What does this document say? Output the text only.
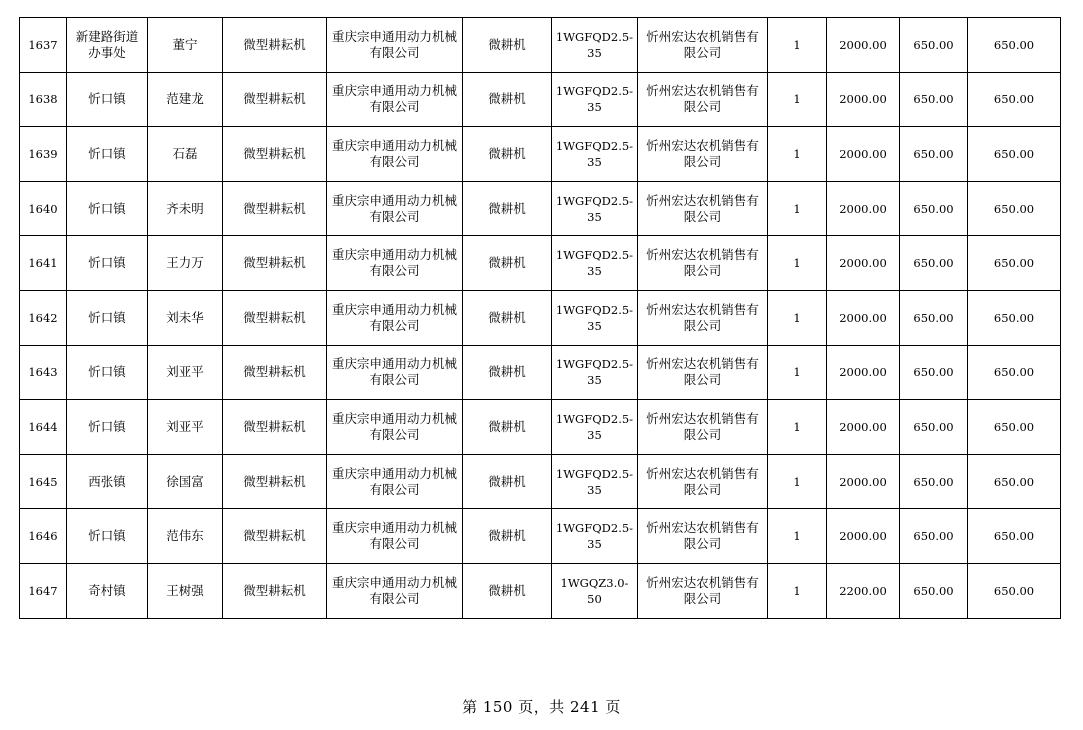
1637	新建路街道办事处	董宁	微型耕耘机	重庆宗申通用动力机械有限公司	微耕机	1WGFQD2.5-35	忻州宏达农机销售有限公司	1	2000.00	650.00	650.00
1638	忻口镇	范建龙	微型耕耘机	重庆宗申通用动力机械有限公司	微耕机	1WGFQD2.5-35	忻州宏达农机销售有限公司	1	2000.00	650.00	650.00
1639	忻口镇	石磊	微型耕耘机	重庆宗申通用动力机械有限公司	微耕机	1WGFQD2.5-35	忻州宏达农机销售有限公司	1	2000.00	650.00	650.00
1640	忻口镇	齐未明	微型耕耘机	重庆宗申通用动力机械有限公司	微耕机	1WGFQD2.5-35	忻州宏达农机销售有限公司	1	2000.00	650.00	650.00
1641	忻口镇	王力万	微型耕耘机	重庆宗申通用动力机械有限公司	微耕机	1WGFQD2.5-35	忻州宏达农机销售有限公司	1	2000.00	650.00	650.00
1642	忻口镇	刘未华	微型耕耘机	重庆宗申通用动力机械有限公司	微耕机	1WGFQD2.5-35	忻州宏达农机销售有限公司	1	2000.00	650.00	650.00
1643	忻口镇	刘亚平	微型耕耘机	重庆宗申通用动力机械有限公司	微耕机	1WGFQD2.5-35	忻州宏达农机销售有限公司	1	2000.00	650.00	650.00
1644	忻口镇	刘亚平	微型耕耘机	重庆宗申通用动力机械有限公司	微耕机	1WGFQD2.5-35	忻州宏达农机销售有限公司	1	2000.00	650.00	650.00
1645	西张镇	徐国富	微型耕耘机	重庆宗申通用动力机械有限公司	微耕机	1WGFQD2.5-35	忻州宏达农机销售有限公司	1	2000.00	650.00	650.00
1646	忻口镇	范伟东	微型耕耘机	重庆宗申通用动力机械有限公司	微耕机	1WGFQD2.5-35	忻州宏达农机销售有限公司	1	2000.00	650.00	650.00
1647	奇村镇	王树强	微型耕耘机	重庆宗申通用动力机械有限公司	微耕机	1WGQZ3.0-50	忻州宏达农机销售有限公司	1	2200.00	650.00	650.00
第 150 页，共 241 页
